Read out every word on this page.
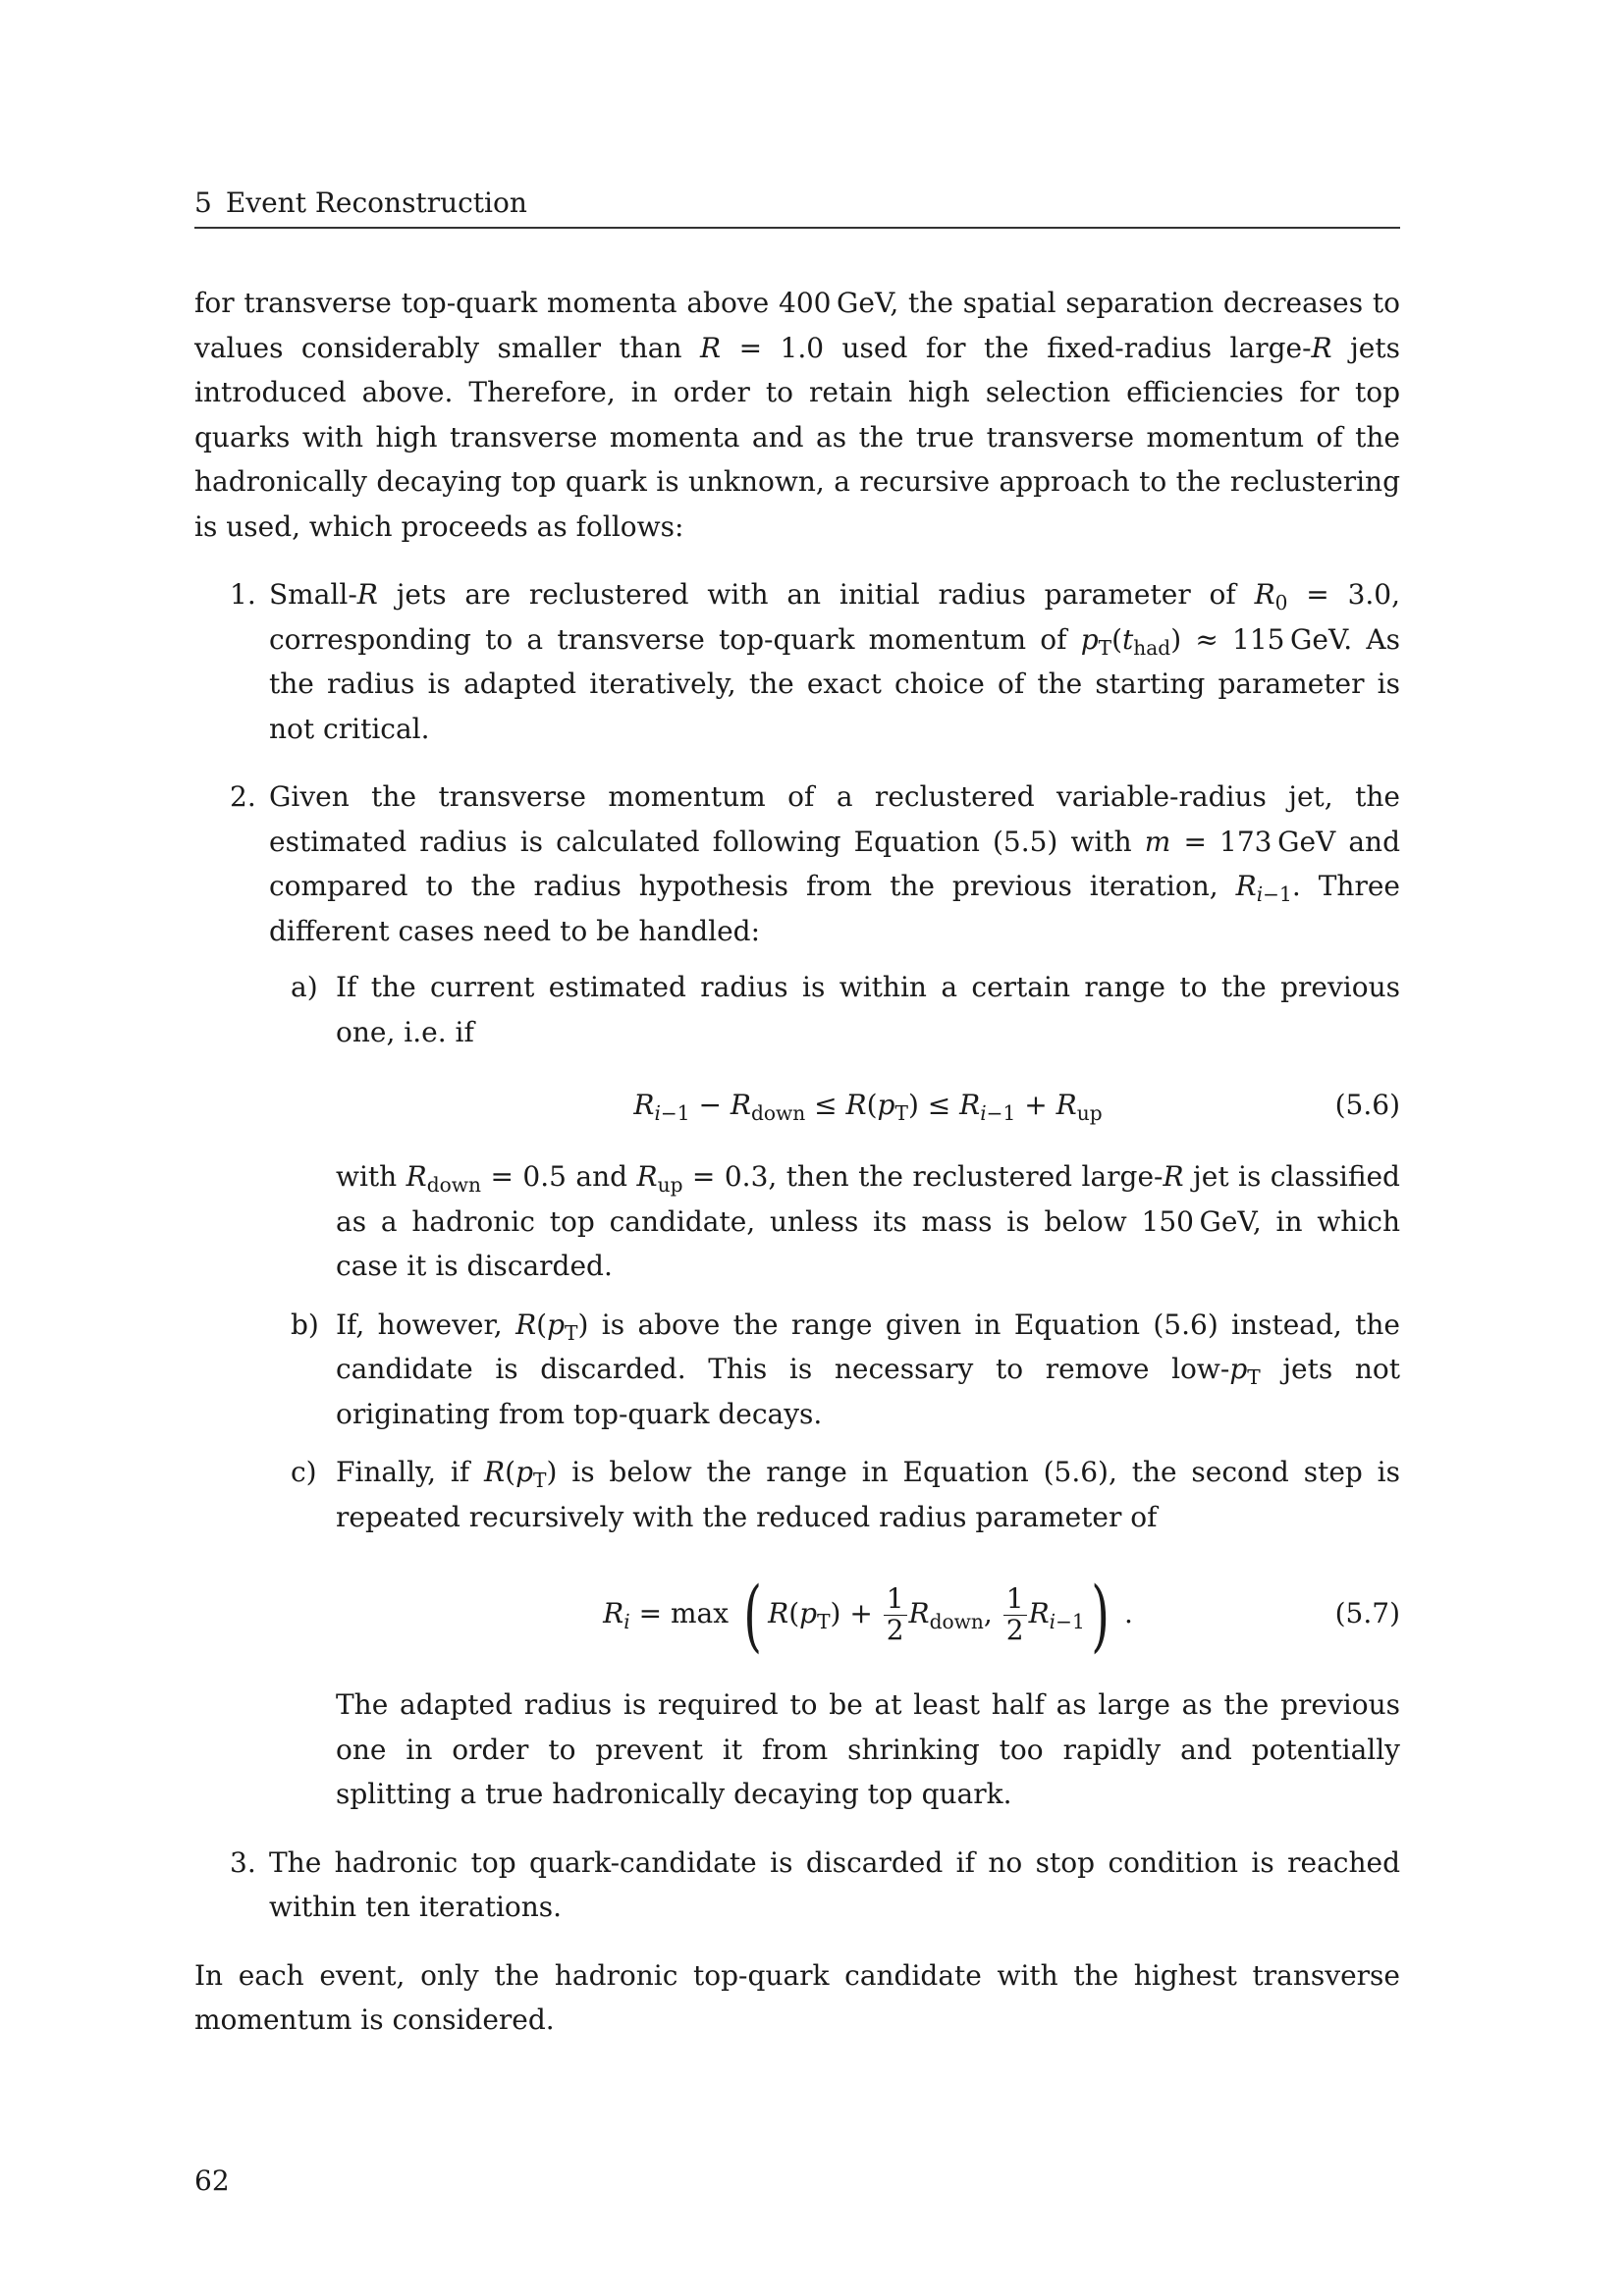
5 Event Reconstruction

for transverse top-quark momenta above 400 GeV, the spatial separation decreases to values considerably smaller than R = 1.0 used for the fixed-radius large-R jets introduced above. Therefore, in order to retain high selection efficiencies for top quarks with high transverse momenta and as the true transverse momentum of the hadronically decaying top quark is unknown, a recursive approach to the reclustering is used, which proceeds as follows:

1. Small-R jets are reclustered with an initial radius parameter of $R_0 = 3.0$, corresponding to a transverse top-quark momentum of $p_T(t_{had}) \approx 115$ GeV. As the radius is adapted iteratively, the exact choice of the starting parameter is not critical.

2. Given the transverse momentum of a reclustered variable-radius jet, the estimated radius is calculated following Equation (5.5) with m = 173 GeV and compared to the radius hypothesis from the previous iteration, $R_{i-1}$. Three different cases need to be handled:

a) If the current estimated radius is within a certain range to the previous one, i.e. if

$R_{i-1} - R_{down} \le R(p_T) \le R_{i-1} + R_{up}$	(5.6)

with $R_{down} = 0.5$ and $R_{up} = 0.3$, then the reclustered large-R jet is classified as a hadronic top candidate, unless its mass is below 150 GeV, in which case it is discarded.

b) If, however, $R(p_T)$ is above the range given in Equation (5.6) instead, the candidate is discarded. This is necessary to remove low-$p_T$ jets not originating from top-quark decays.

c) Finally, if $R(p_T)$ is below the range in Equation (5.6), the second step is repeated recursively with the reduced radius parameter of

$R_i = \max$ ( $R(p_T) + \frac{1}{2} R_{down}$, $\frac{1}{2} R_{i-1}$) .	(5.7)

The adapted radius is required to be at least half as large as the previous one in order to prevent it from shrinking too rapidly and potentially splitting a true hadronically decaying top quark.

3. The hadronic top quark-candidate is discarded if no stop condition is reached within ten iterations.

In each event, only the hadronic top-quark candidate with the highest transverse momentum is considered.

62
